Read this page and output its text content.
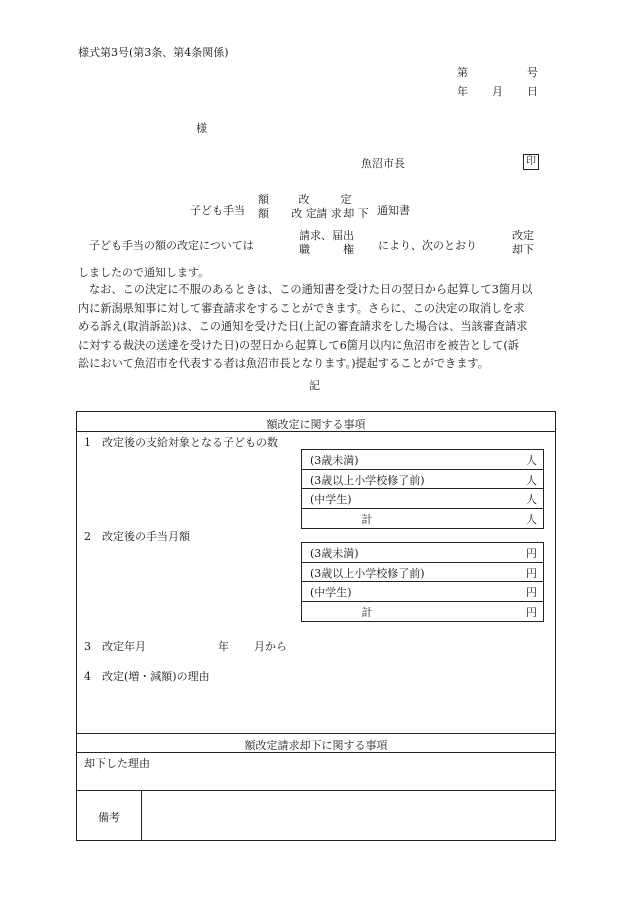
様式第3号(第3条、第4条関係)
第	号
年 月 日
様
魚沼市長	印
子ども手当
額
額
改
改 定
定
請 求
却 下 通知書
子ども手当の額の改定については
請求、届出
職　　　権 により、次のとおり
改定
却下
しましたので通知します。

なお、この決定に不服のあるときは、この通知書を受けた日の翌日から起算して3箇月以

内に新潟県知事に対して審査請求をすることができます。さらに、この決定の取消しを求

める訴え(取消訴訟)は、この通知を受けた日(上記の審査請求をした場合は、当該審査請求

に対する裁決の送達を受けた日)の翌日から起算して6箇月以内に魚沼市を被告として(訴

訟において魚沼市を代表する者は魚沼市長となります。)提起することができます。

記
額改定に関する事項
1　改定後の支給対象となる子どもの数
(3歳未満)	人
(3歳以上小学校修了前)	人
(中学生)	人
計	人
2　改定後の手当月額
(3歳未満)	円
(3歳以上小学校修了前)	円
(中学生)	円
計	円
3　改定年月	年 月から
4　改定(増・減額)の理由
額改定請求却下に関する事項
却下した理由
備考
